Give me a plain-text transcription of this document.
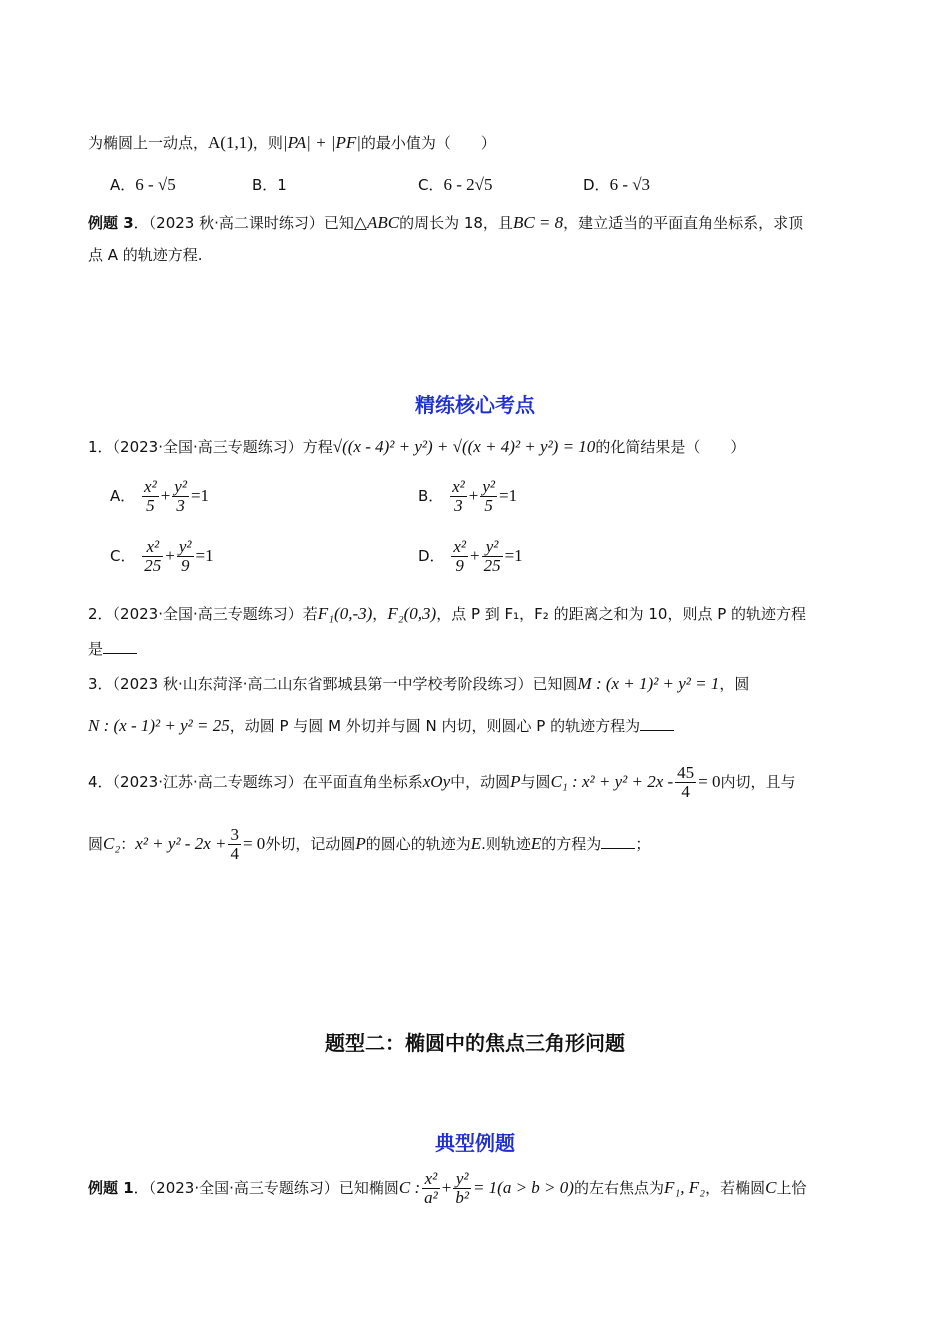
为椭圆上一动点，A(1,1)，则|PA| + |PF|的最小值为（　　）
A．6 - √5	B．1	C．6 - 2√5	D．6 - √3
例题 3．（2023 秋·高二课时练习）已知△ABC的周长为 18，且BC = 8，建立适当的平面直角坐标系，求顶
点 A 的轨迹方程.
精练核心考点
1．（2023·全国·高三专题练习）方程√((x - 4)² + y²) + √((x + 4)² + y²) = 10的化简结果是（　　）
A． $\frac{\text{x²}}{5} + \frac{\text{y²}}{3} =1$	B． $\frac{\text{x²}}{3} + \frac{\text{y²}}{5} =1$
C． $\frac{\text{x²}}{25} + \frac{\text{y²}}{9} =1$	D． $\frac{\text{x²}}{9} + \frac{\text{y²}}{25} =1$
2．（2023·全国·高三专题练习）若F₁(0,-3)，F₂(0,3)，点 P 到 F₁，F₂ 的距离之和为 10，则点 P 的轨迹方程
是
3．（2023 秋·山东菏泽·高二山东省鄄城县第一中学校考阶段练习）已知圆M : (x + 1)² + y² = 1，圆
N : (x - 1)² + y² = 25，动圆 P 与圆 M 外切并与圆 N 内切，则圆心 P 的轨迹方程为
4．（2023·江苏·高二专题练习）在平面直角坐标系xOy中，动圆P与圆C₁ : $x^2 + y^2 + 2x - \frac{45}{4} = 0$内切，且与
圆C₂：$x^2 + y^2 - 2x + \frac{3}{4} = 0$外切，记动圆P的圆心的轨迹为E.则轨迹E的方程为 ；
题型二：椭圆中的焦点三角形问题
典型例题
例题 1．（2023·全国·高三专题练习）已知椭圆C : $\frac{\text{x²}}{\text{a²}} + \frac{\text{y²}}{\text{b²}} = 1(a > b > 0)$的左右焦点为F₁, F₂，若椭圆C上恰
